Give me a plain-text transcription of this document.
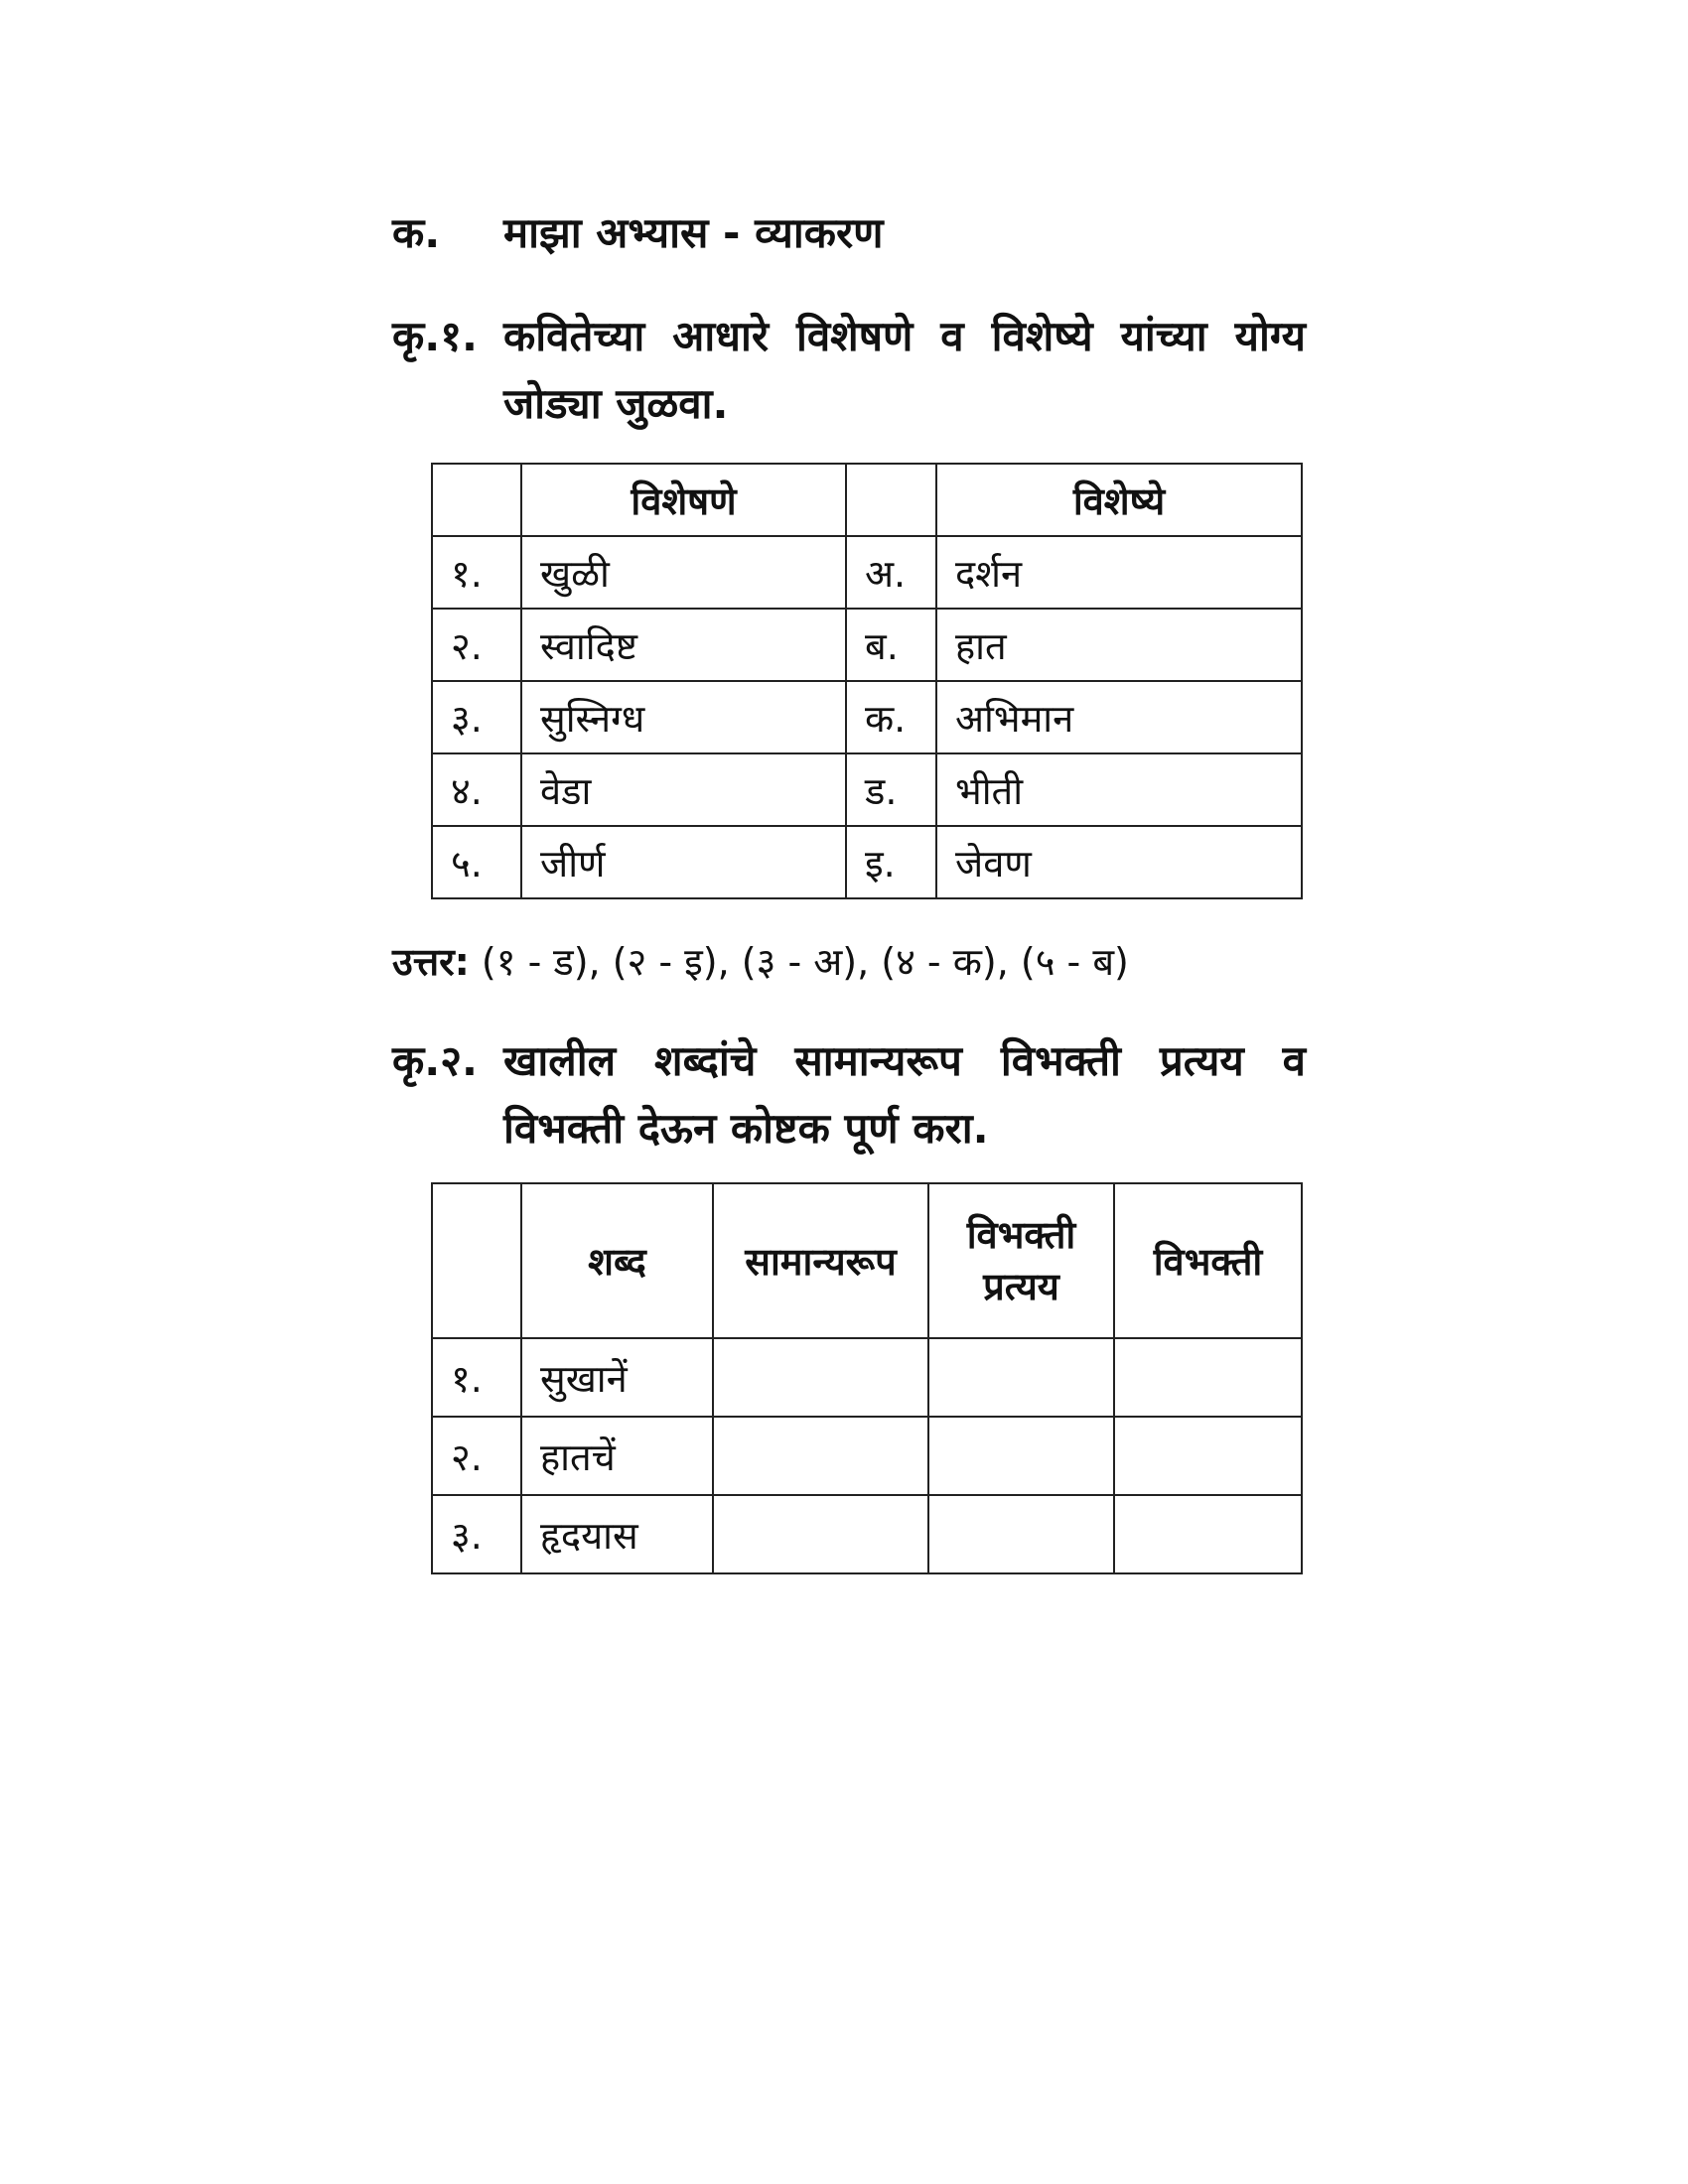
क. माझा अभ्यास - व्याकरण
कृ.१. कवितेच्या आधारे विशेषणे व विशेष्ये यांच्या योग्य जोड्या जुळवा.
	विशेषणे		विशेष्ये
१.	खुळी	अ.	दर्शन
२.	स्वादिष्ट	ब.	हात
३.	सुस्निग्ध	क.	अभिमान
४.	वेडा	ड.	भीती
५.	जीर्ण	इ.	जेवण
उत्तर: (१ - ड), (२ - इ), (३ - अ), (४ - क), (५ - ब)
कृ.२. खालील शब्दांचे सामान्यरूप विभक्ती प्रत्यय व विभक्ती देऊन कोष्टक पूर्ण करा.
	शब्द	सामान्यरूप	विभक्ती प्रत्यय	विभक्ती
१.	सुखानें			
२.	हातचें			
३.	हृदयास			
